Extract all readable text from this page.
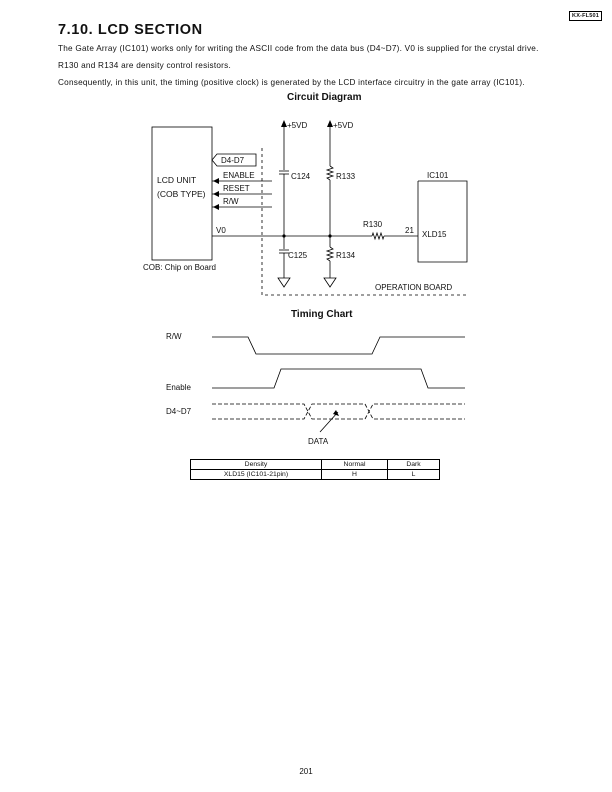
KX-FL501
7.10. LCD SECTION

The Gate Array (IC101) works only for writing the ASCII code from the data bus (D4~D7). V0 is supplied for the crystal drive.

R130 and R134 are density control resistors.

Consequently, in this unit, the timing (positive clock) is generated by the LCD interface circuitry in the gate array (IC101).

Circuit Diagram
Timing Chart
LCD UNIT
(COB TYPE)
D4-D7
ENABLE
RESET
R/W
V0
+5VD	+5VD
C124	R133
C125	R134
R130
21
IC101
XLD15
COB: Chip on Board
OPERATION BOARD
R/W
Enable
D4~D7
DATA
Density	Normal	Dark
XLD15 (IC101-21pin)	H	L
201
